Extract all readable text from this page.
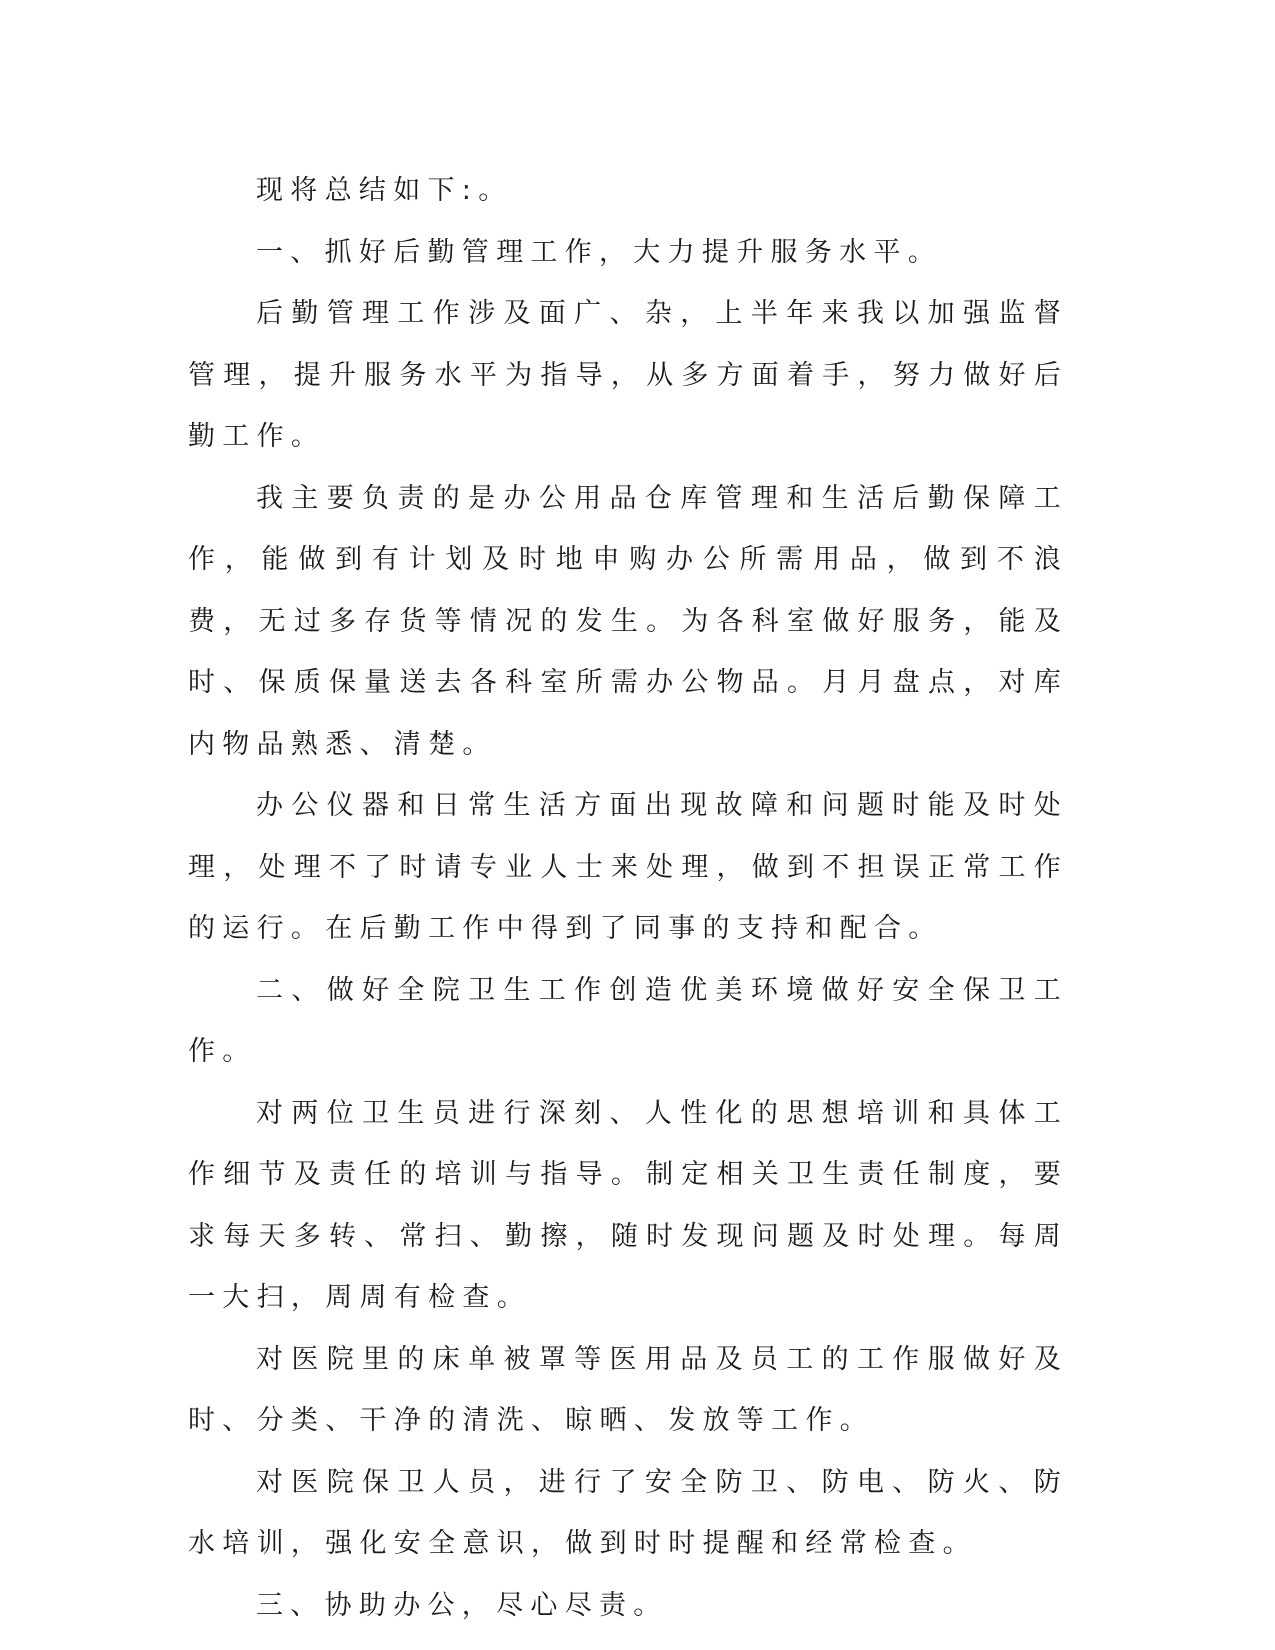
现将总结如下:。

一、抓好后勤管理工作，大力提升服务水平。

后勤管理工作涉及面广、杂，上半年来我以加强监督管理，提升服务水平为指导，从多方面着手，努力做好后勤工作。

我主要负责的是办公用品仓库管理和生活后勤保障工作，能做到有计划及时地申购办公所需用品，做到不浪费，无过多存货等情况的发生。为各科室做好服务，能及时、保质保量送去各科室所需办公物品。月月盘点，对库内物品熟悉、清楚。

办公仪器和日常生活方面出现故障和问题时能及时处理，处理不了时请专业人士来处理，做到不担误正常工作的运行。在后勤工作中得到了同事的支持和配合。

二、做好全院卫生工作创造优美环境做好安全保卫工作。

对两位卫生员进行深刻、人性化的思想培训和具体工作细节及责任的培训与指导。制定相关卫生责任制度，要求每天多转、常扫、勤擦，随时发现问题及时处理。每周一大扫，周周有检查。

对医院里的床单被罩等医用品及员工的工作服做好及时、分类、干净的清洗、晾晒、发放等工作。

对医院保卫人员，进行了安全防卫、防电、防火、防水培训，强化安全意识，做到时时提醒和经常检查。

三、协助办公，尽心尽责。
